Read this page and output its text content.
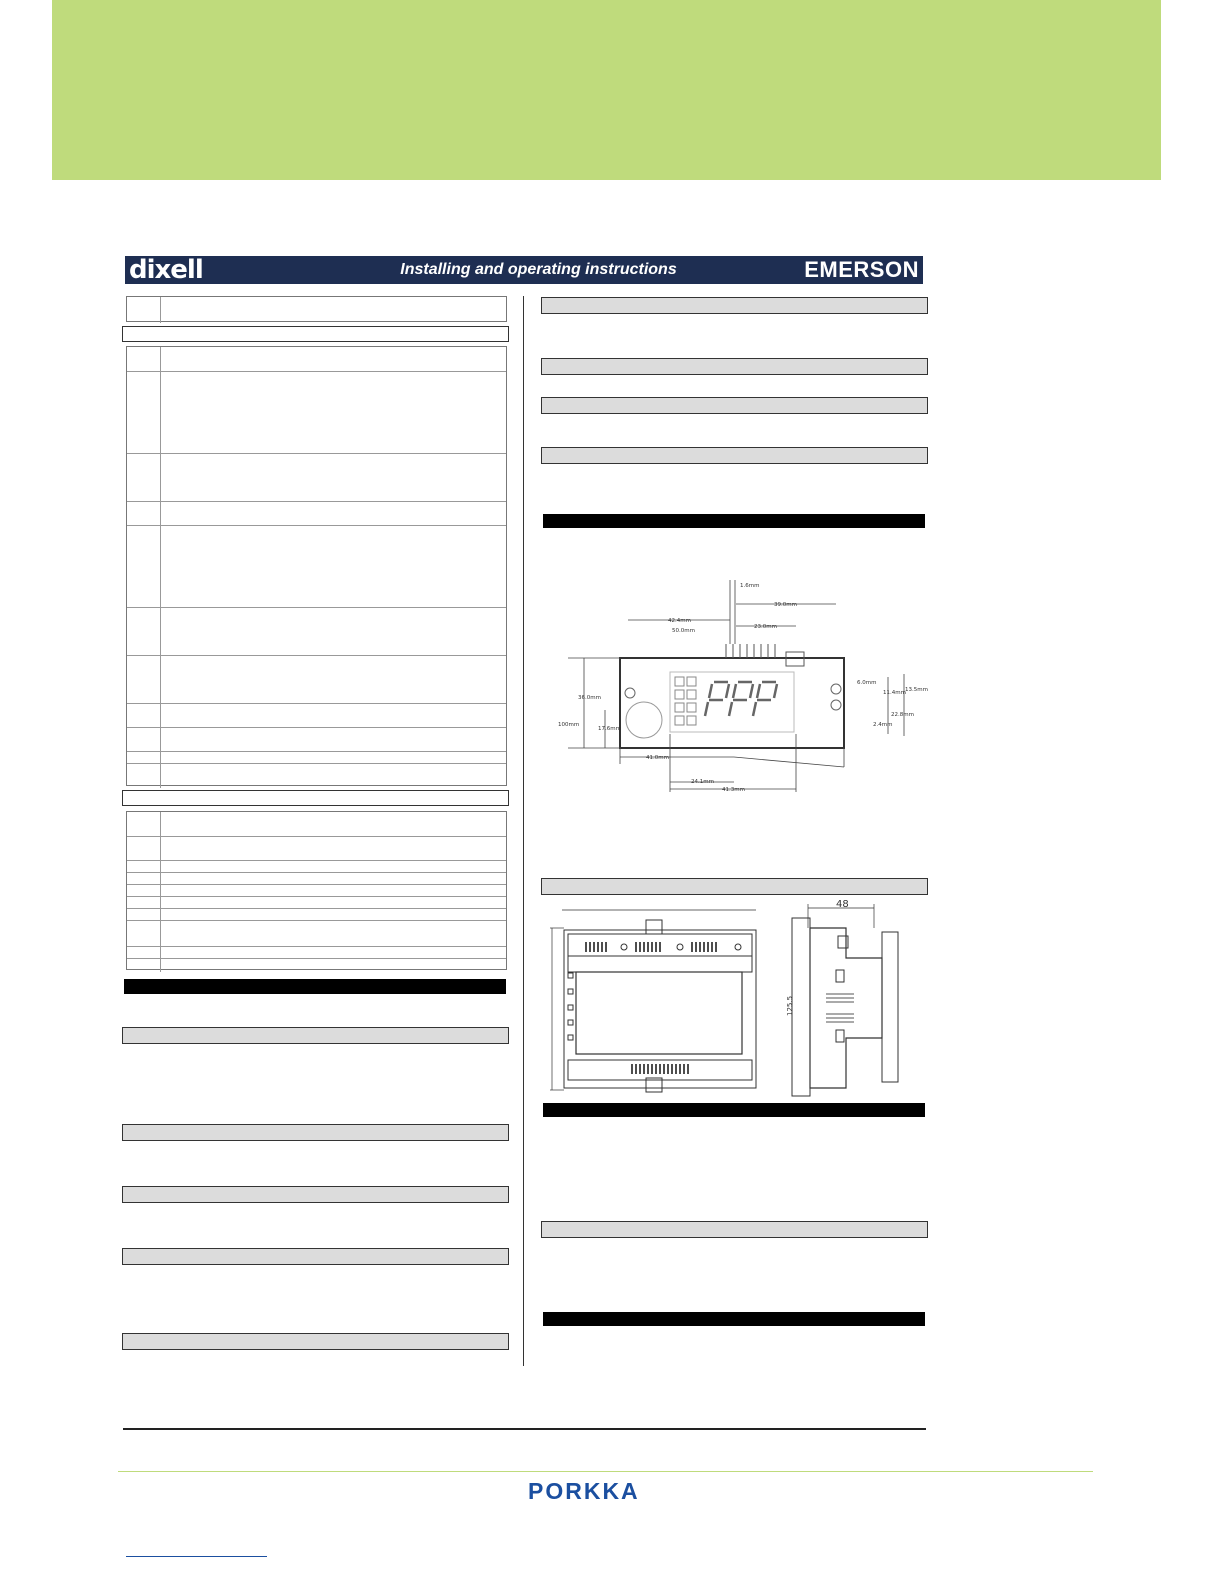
dixell	Installing and operating instructions	EMERSON
1.6mm
39.0mm
42.4mm
50.0mm
23.0mm
36.0mm
100mm
17.6mm
6.0mm
11.4mm 13.5mm
22.8mm
2.4mm
41.0mm
24.1mm
41.3mm
48
125.5
PORKKA
